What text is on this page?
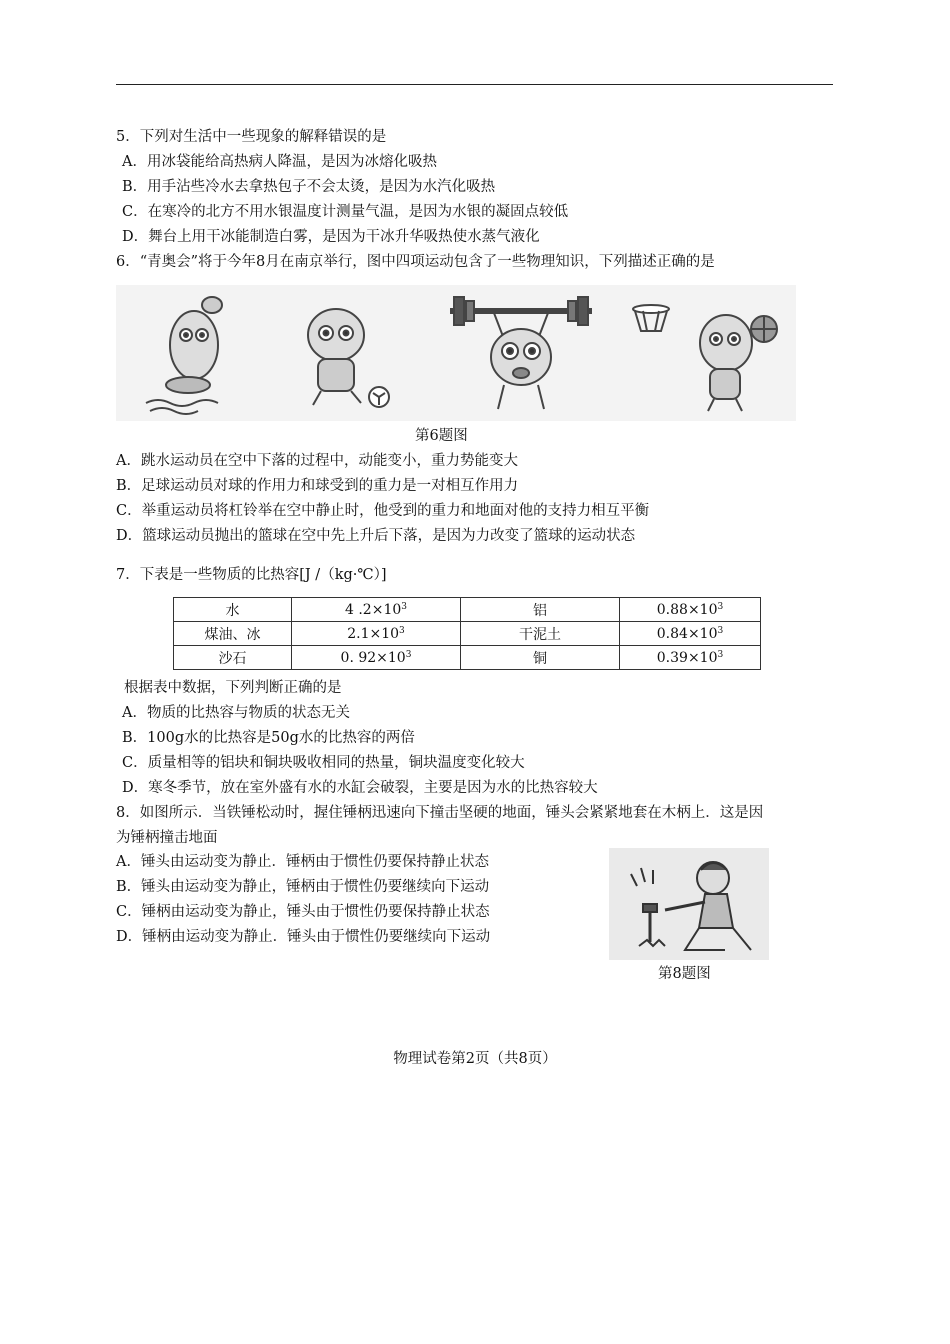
5．下列对生活中一些现象的解释错误的是
A．用冰袋能给高热病人降温，是因为冰熔化吸热
B．用手沾些冷水去拿热包子不会太烫，是因为水汽化吸热
C．在寒冷的北方不用水银温度计测量气温，是因为水银的凝固点较低
D．舞台上用干冰能制造白雾，是因为干冰升华吸热使水蒸气液化
6．“青奥会”将于今年8月在南京举行，图中四项运动包含了一些物理知识，下列描述正确的是
第6题图
A．跳水运动员在空中下落的过程中，动能变小，重力势能变大
B．足球运动员对球的作用力和球受到的重力是一对相互作用力
C．举重运动员将杠铃举在空中静止时，他受到的重力和地面对他的支持力相互平衡
D．篮球运动员抛出的篮球在空中先上升后下落，是因为力改变了篮球的运动状态
7．下表是一些物质的比热容[J /（kg·℃）]
水	4 $.2\times 10^3$	铝	$0.88\times 10^3$
煤油、冰	$2.1\times 10^3$	干泥土	$0.84\times 10^3$
沙石	0. $92\times 10^3$	铜	$0.39\times 10^3$
根据表中数据，下列判断正确的是
A．物质的比热容与物质的状态无关
B．100g水的比热容是50g水的比热容的两倍
C．质量相等的铝块和铜块吸收相同的热量，铜块温度变化较大
D．寒冬季节，放在室外盛有水的水缸会破裂，主要是因为水的比热容较大
8．如图所示．当铁锤松动时，握住锤柄迅速向下撞击坚硬的地面，锤头会紧紧地套在木柄上．这是因
为锤柄撞击地面
A．锤头由运动变为静止．锤柄由于惯性仍要保持静止状态
B．锤头由运动变为静止，锤柄由于惯性仍要继续向下运动
C．锤柄由运动变为静止，锤头由于惯性仍要保持静止状态
D．锤柄由运动变为静止．锤头由于惯性仍要继续向下运动
第8题图
物理试卷第2页（共8页）
